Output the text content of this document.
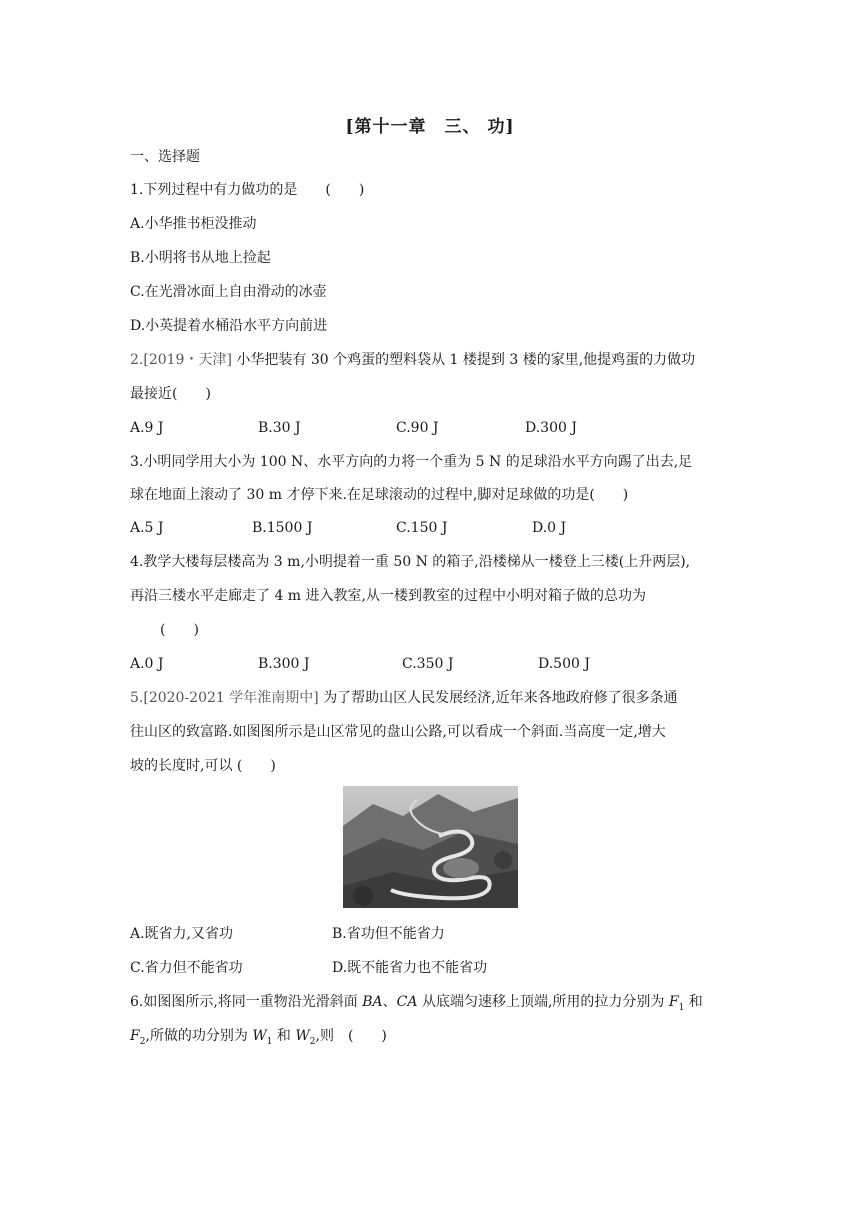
[第十一章　三、 功]
一、选择题
1.下列过程中有力做功的是　　(　　)
A.小华推书柜没推动
B.小明将书从地上捡起
C.在光滑冰面上自由滑动的冰壶
D.小英提着水桶沿水平方向前进
2.[2019・天津] 小华把装有 30 个鸡蛋的塑料袋从 1 楼提到 3 楼的家里,他提鸡蛋的力做功
最接近(　　)
A.9 J	B.30 J	C.90 J	D.300 J
3.小明同学用大小为 100 N、水平方向的力将一个重为 5 N 的足球沿水平方向踢了出去,足
球在地面上滚动了 30 m 才停下来.在足球滚动的过程中,脚对足球做的功是(　　)
A.5 J	B.1500 J	C.150 J	D.0 J
4.教学大楼每层楼高为 3 m,小明提着一重 50 N 的箱子,沿楼梯从一楼登上三楼(上升两层),
再沿三楼水平走廊走了 4 m 进入教室,从一楼到教室的过程中小明对箱子做的总功为
(　　)
A.0 J	B.300 J	C.350 J	D.500 J
5.[2020-2021 学年淮南期中] 为了帮助山区人民发展经济,近年来各地政府修了很多条通
往山区的致富路.如图图所示是山区常见的盘山公路,可以看成一个斜面.当高度一定,增大
坡的长度时,可以 (　　)
A.既省力,又省功	B.省功但不能省力
C.省力但不能省功	D.既不能省力也不能省功
6.如图图所示,将同一重物沿光滑斜面 BA、CA 从底端匀速移上顶端,所用的拉力分别为 $F_1$ 和
$F_2$,所做的功分别为 $W_1$ 和 $W_2$,则　(　　)
